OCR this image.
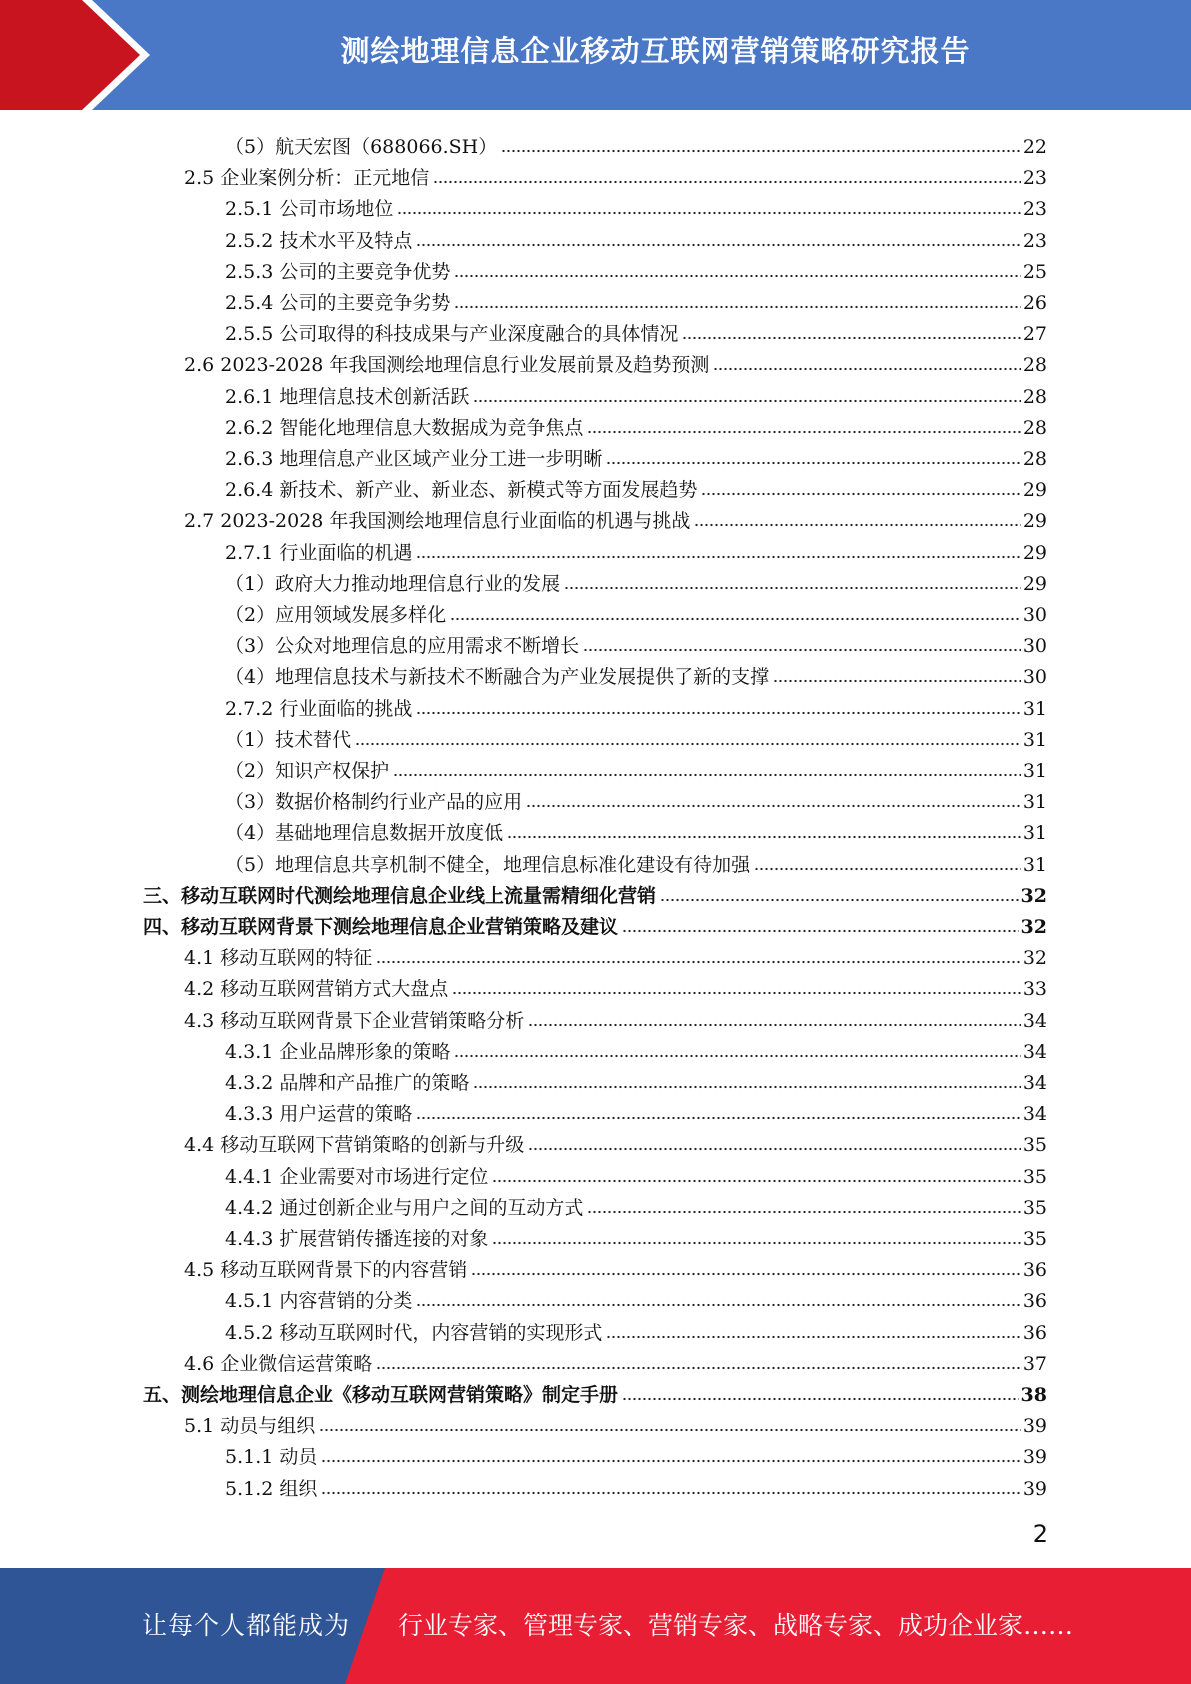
测绘地理信息企业移动互联网营销策略研究报告
（5）航天宏图（688066.SH）	22
2.5 企业案例分析：正元地信	23
2.5.1 公司市场地位	23
2.5.2 技术水平及特点	23
2.5.3 公司的主要竞争优势	25
2.5.4 公司的主要竞争劣势	26
2.5.5 公司取得的科技成果与产业深度融合的具体情况	27
2.6 2023-2028 年我国测绘地理信息行业发展前景及趋势预测	28
2.6.1 地理信息技术创新活跃	28
2.6.2 智能化地理信息大数据成为竞争焦点	28
2.6.3 地理信息产业区域产业分工进一步明晰	28
2.6.4 新技术、新产业、新业态、新模式等方面发展趋势	29
2.7 2023-2028 年我国测绘地理信息行业面临的机遇与挑战	29
2.7.1 行业面临的机遇	29
（1）政府大力推动地理信息行业的发展	29
（2）应用领域发展多样化	30
（3）公众对地理信息的应用需求不断增长	30
（4）地理信息技术与新技术不断融合为产业发展提供了新的支撑	30
2.7.2 行业面临的挑战	31
（1）技术替代	31
（2）知识产权保护	31
（3）数据价格制约行业产品的应用	31
（4）基础地理信息数据开放度低	31
（5）地理信息共享机制不健全，地理信息标准化建设有待加强	31
三、移动互联网时代测绘地理信息企业线上流量需精细化营销	32
四、移动互联网背景下测绘地理信息企业营销策略及建议	32
4.1 移动互联网的特征	32
4.2 移动互联网营销方式大盘点	33
4.3 移动互联网背景下企业营销策略分析	34
4.3.1 企业品牌形象的策略	34
4.3.2 品牌和产品推广的策略	34
4.3.3 用户运营的策略	34
4.4 移动互联网下营销策略的创新与升级	35
4.4.1 企业需要对市场进行定位	35
4.4.2 通过创新企业与用户之间的互动方式	35
4.4.3 扩展营销传播连接的对象	35
4.5 移动互联网背景下的内容营销	36
4.5.1 内容营销的分类	36
4.5.2 移动互联网时代，内容营销的实现形式	36
4.6 企业微信运营策略	37
五、测绘地理信息企业《移动互联网营销策略》制定手册	38
5.1 动员与组织	39
5.1.1 动员	39
5.1.2 组织	39
2
让每个人都能成为 行业专家、管理专家、营销专家、战略专家、成功企业家……
